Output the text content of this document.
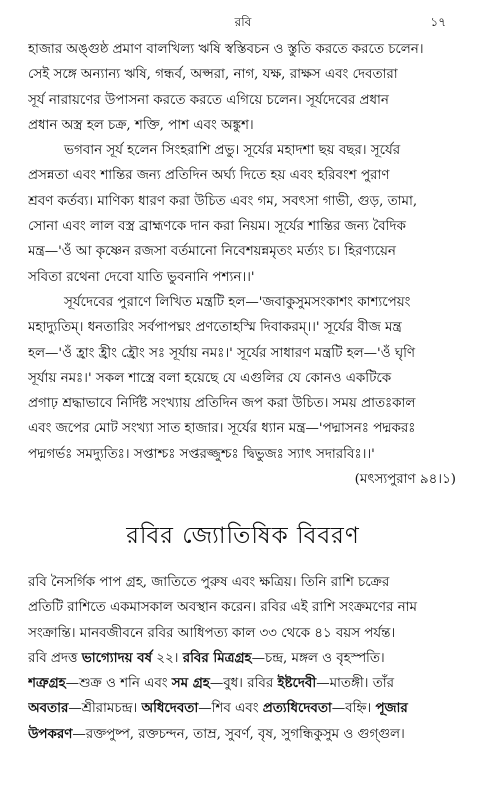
রবি	১৭
হাজার অঙ্গুষ্ঠ প্রমাণ বালখিল্য ঋষি স্বস্তিবচন ও স্তুতি করতে করতে চলেন।
সেই সঙ্গে অন্যান্য ঋষি, গন্ধর্ব, অপ্সরা, নাগ, যক্ষ, রাক্ষস এবং দেবতারা
সূর্য নারায়ণের উপাসনা করতে করতে এগিয়ে চলেন। সূর্যদেবের প্রধান
প্রধান অস্ত্র হল চক্র, শক্তি, পাশ এবং অঙ্কুশ।
ভগবান সূর্য হলেন সিংহরাশি প্রভু। সূর্যের মহাদশা ছয় বছর। সূর্যের
প্রসন্নতা এবং শান্তির জন্য প্রতিদিন অর্ঘ্য দিতে হয় এবং হরিবংশ পুরাণ
শ্রবণ কর্তব্য। মাণিক্য ধারণ করা উচিত এবং গম, সবৎসা গাভী, গুড়, তামা,
সোনা এবং লাল বস্ত্র ব্রাহ্মণকে দান করা নিয়ম। সূর্যের শান্তির জন্য বৈদিক
মন্ত্র—'ওঁ আ কৃষ্ণেন রজসা বর্তমানো নিবেশয়ন্নমৃতং মর্ত্যং চ। হিরণ্যয়েন
সবিতা রথেনা দেবো যাতি ভুবনানি পশ্যন।।'
সূর্যদেবের পুরাণে লিখিত মন্ত্রটি হল—'জবাকুসুমসংকাশং কাশ্যপেয়ং
মহাদ্যুতিম্। ধনতারিং সর্বপাপঘ্নং প্রণতোহস্মি দিবাকরম্।।' সূর্যের বীজ মন্ত্র
হল—'ওঁ হ্রাং হ্রীং হ্রৌং সঃ সূর্যায় নমঃ।' সূর্যের সাধারণ মন্ত্রটি হল—'ওঁ ঘৃণি
সূর্যায় নমঃ।' সকল শাস্ত্রে বলা হয়েছে যে এগুলির যে কোনও একটিকে
প্রগাঢ় শ্রদ্ধাভাবে নির্দিষ্ট সংখ্যায় প্রতিদিন জপ করা উচিত। সময় প্রাতঃকাল
এবং জপের মোট সংখ্যা সাত হাজার। সূর্যের ধ্যান মন্ত্র—'পদ্মাসনঃ পদ্মকরঃ
পদ্মগর্ভঃ সমদ্যুতিঃ। সপ্তাশ্চঃ সপ্তরজ্জুশ্চঃ দ্বিভুজঃ স্যাৎ সদারবিঃ।।'
(মৎস্যপুরাণ ৯৪।১)
রবির জ্যোতিষিক বিবরণ
রবি নৈসর্গিক পাপ গ্রহ, জাতিতে পুরুষ এবং ক্ষত্রিয়। তিনি রাশি চক্রের
প্রতিটি রাশিতে একমাসকাল অবস্থান করেন। রবির এই রাশি সংক্রমণের নাম
সংক্রান্তি। মানবজীবনে রবির আধিপত্য কাল ৩৩ থেকে ৪১ বয়স পর্যন্ত।
রবি প্রদত্ত ভাগ্যোদয় বর্ষ ২২। রবির মিত্রগ্রহ—চন্দ্র, মঙ্গল ও বৃহস্পতি।
শত্রুগ্রহ—শুক্র ও শনি এবং সম গ্রহ—বুধ। রবির ইষ্টদেবী—মাতঙ্গী। তাঁর
অবতার—শ্রীরামচন্দ্র। অধিদেবতা—শিব এবং প্রত্যধিদেবতা—বহ্নি। পূজার
উপকরণ—রক্তপুষ্প, রক্তচন্দন, তাম্র, সুবর্ণ, বৃষ, সুগন্ধিকুসুম ও গুগ্গুল।
